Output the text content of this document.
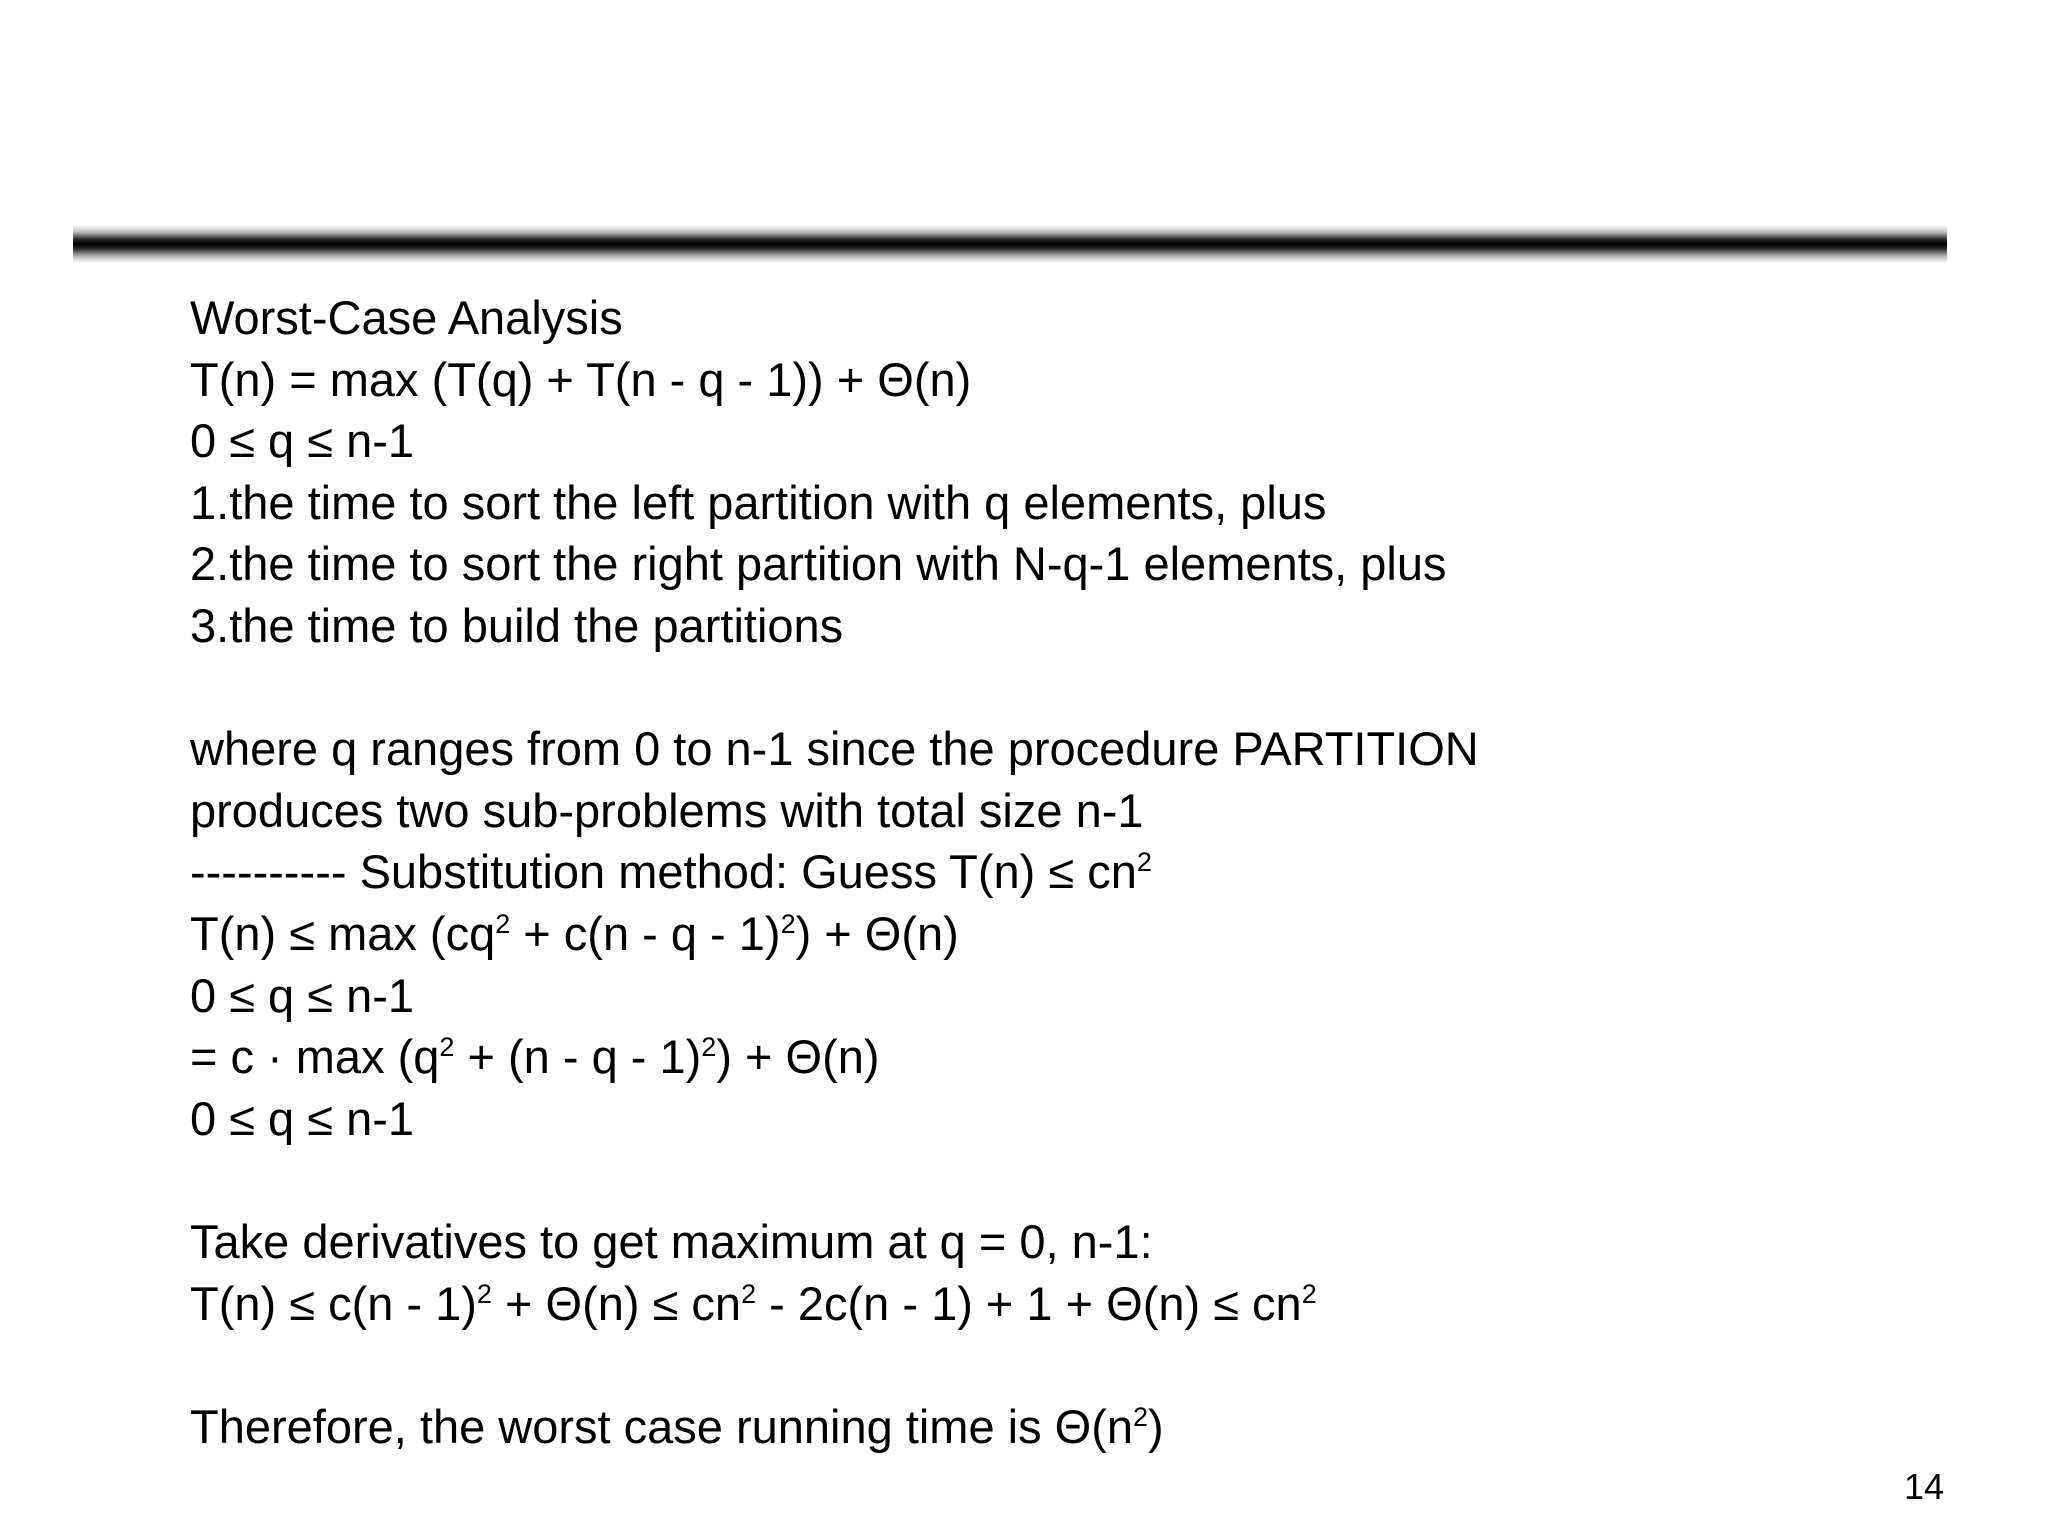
Worst-Case Analysis
T(n) = max (T(q) + T(n - q - 1)) + Θ(n)
0 ≤ q ≤ n-1
1.the time to sort the left partition with q elements, plus
2.the time to sort the right partition with N-q-1 elements, plus
3.the time to build the partitions
where q ranges from 0 to n-1 since the procedure PARTITION
produces two sub-problems with total size n-1
---------- Substitution method: Guess $T(n) \le cn^2$
$T(n) \le \max (cq^2 + c(n - q - 1)^2) + \Theta(n)$
0 ≤ q ≤ n-1
= $c \cdot \max (q^2 + (n - q - 1)^2) + \Theta(n)$
0 ≤ q ≤ n-1
Take derivatives to get maximum at q = 0, n-1:
$T(n) \le c(n - 1)^2 + \Theta(n) \le cn^2 - 2c(n - 1) + 1 + \Theta(n) \le cn^2$
Therefore, the worst case running time is $\Theta(n^2)$
14
